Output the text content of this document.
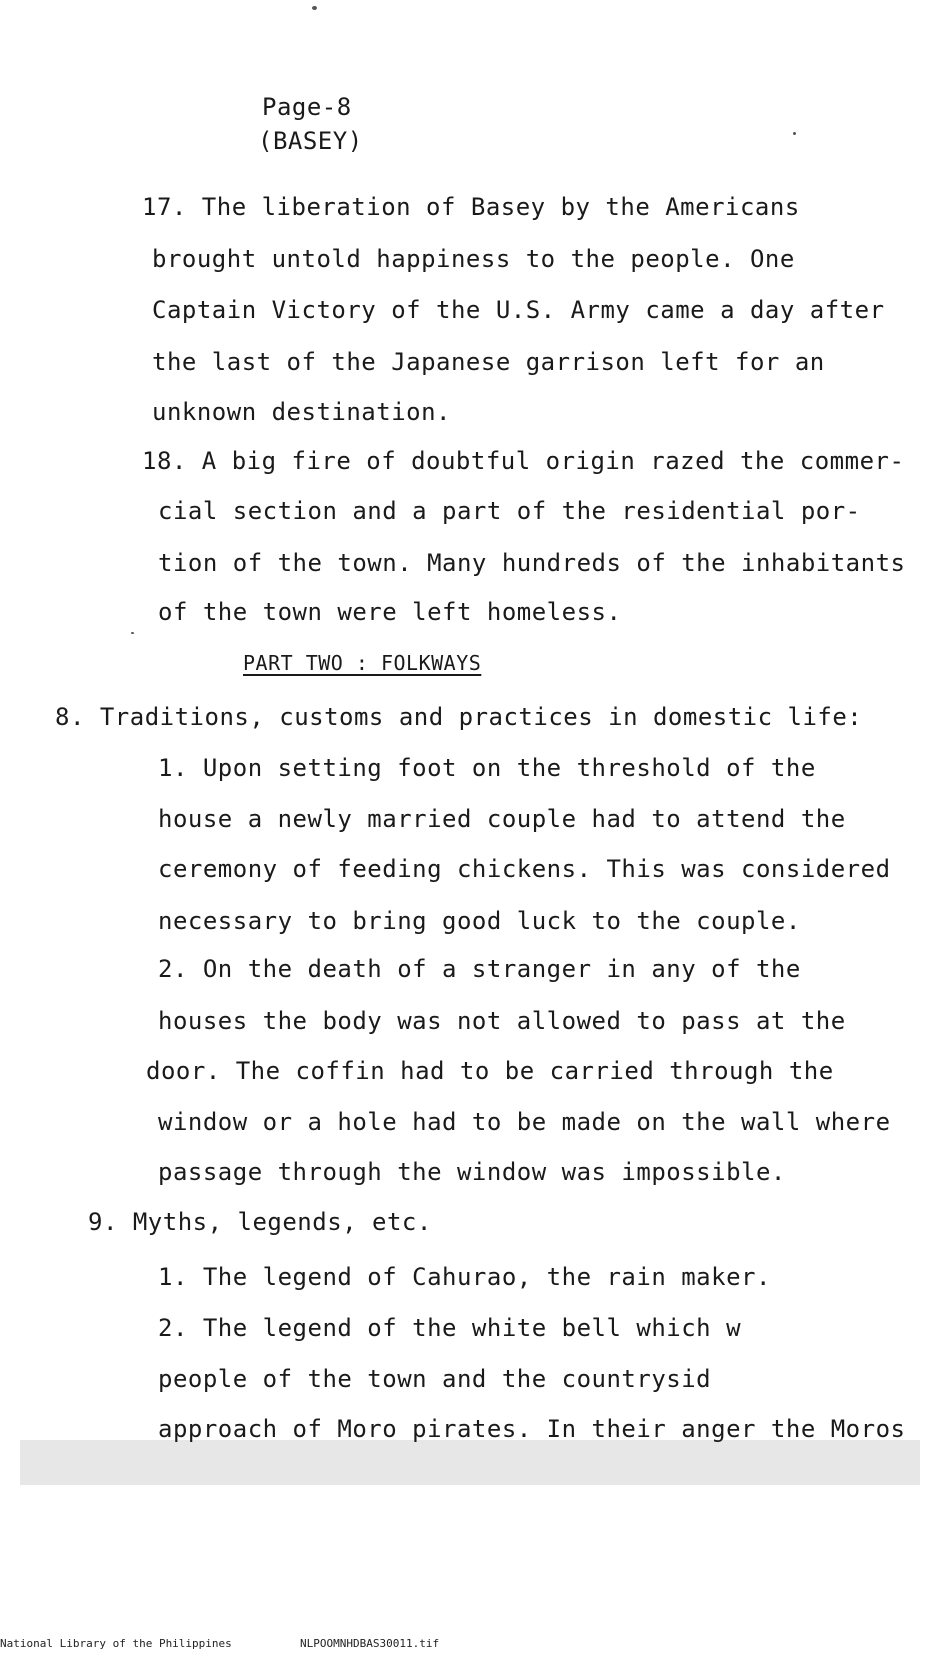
Page-8
(BASEY)
17. The liberation of Basey by the Americans
brought untold happiness to the people. One
Captain Victory of the U.S. Army came a day after
the last of the Japanese garrison left for an
unknown destination.
18. A big fire of doubtful origin razed the commer-
cial section and a part of the residential por-
tion of the town. Many hundreds of the inhabitants
of the town were left homeless.
PART TWO : FOLKWAYS
8. Traditions, customs and practices in domestic life:
1. Upon setting foot on the threshold of the
house a newly married couple had to attend the
ceremony of feeding chickens. This was considered
necessary to bring good luck to the couple.
2. On the death of a stranger in any of the
houses the body was not allowed to pass at the
door. The coffin had to be carried through the
window or a hole had to be made on the wall where
passage through the window was impossible.
9. Myths, legends, etc.
1. The legend of Cahurao, the rain maker.
2. The legend of the white bell which w
people of the town and the countrysid
approach of Moro pirates. In their anger the Moros
National Library of the Philippines	NLPOOMNHDBAS30011.tif
